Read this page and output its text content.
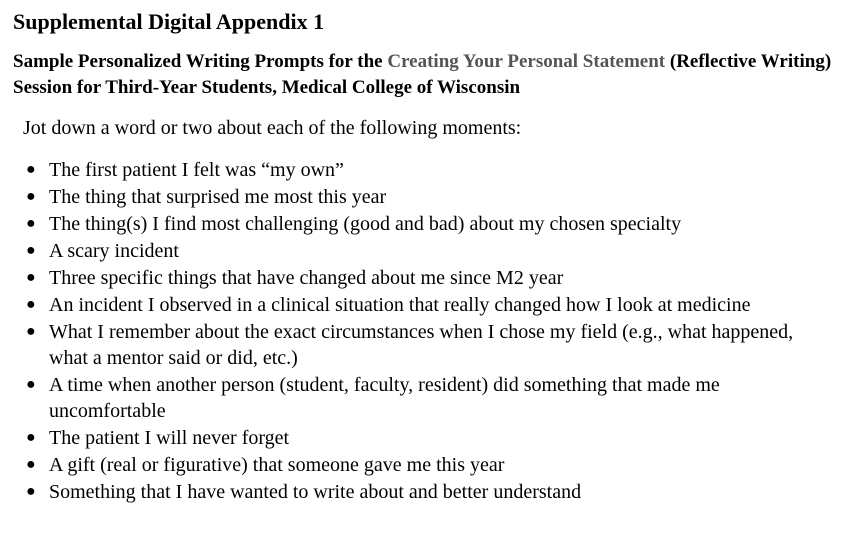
Supplemental Digital Appendix 1
Sample Personalized Writing Prompts for the Creating Your Personal Statement (Reflective Writing) Session for Third-Year Students, Medical College of Wisconsin
Jot down a word or two about each of the following moments:
● The first patient I felt was “my own”
● The thing that surprised me most this year
● The thing(s) I find most challenging (good and bad) about my chosen specialty
● A scary incident
● Three specific things that have changed about me since M2 year
● An incident I observed in a clinical situation that really changed how I look at medicine
● What I remember about the exact circumstances when I chose my field (e.g., what happened, what a mentor said or did, etc.)
● A time when another person (student, faculty, resident) did something that made me uncomfortable
● The patient I will never forget
● A gift (real or figurative) that someone gave me this year
● Something that I have wanted to write about and better understand
